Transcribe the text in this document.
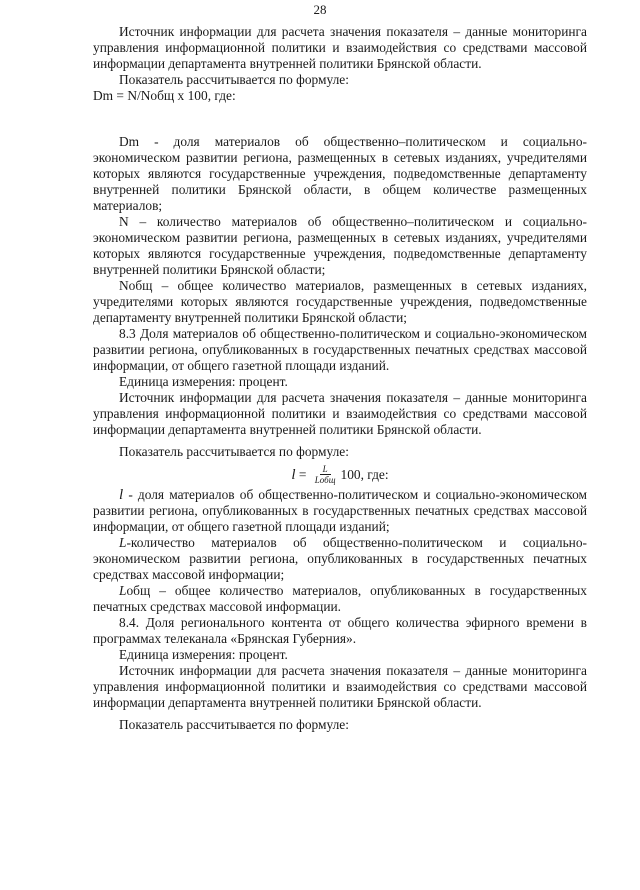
28

Источник информации для расчета значения показателя – данные мониторинга управления информационной политики и взаимодействия со средствами массовой информации департамента внутренней политики Брянской области.

Показатель рассчитывается по формуле:

Dm = N/Nобщ х 100, где:

Dm - доля материалов об общественно–политическом и социально-экономическом развитии региона, размещенных в сетевых изданиях, учредителями которых являются государственные учреждения, подведомственные департаменту внутренней политики Брянской области, в общем количестве размещенных материалов;

N – количество материалов об общественно–политическом и социально-экономическом развитии региона, размещенных в сетевых изданиях, учредителями которых являются государственные учреждения, подведомственные департаменту внутренней политики Брянской области;

Nобщ – общее количество материалов, размещенных в сетевых изданиях, учредителями которых являются государственные учреждения, подведомственные департаменту внутренней политики Брянской области;

8.3 Доля материалов об общественно-политическом и социально-экономическом развитии региона, опубликованных в государственных печатных средствах массовой информации, от общего газетной площади изданий.

Единица измерения: процент.

Источник информации для расчета значения показателя – данные мониторинга управления информационной политики и взаимодействия со средствами массовой информации департамента внутренней политики Брянской области.

Показатель рассчитывается по формуле:

$l = \frac{L}{\text{Lобщ}} 100$, где:

l - доля материалов об общественно-политическом и социально-экономическом развитии региона, опубликованных в государственных печатных средствах массовой информации, от общего газетной площади изданий;

L-количество материалов об общественно-политическом и социально-экономическом развитии региона, опубликованных в государственных печатных средствах массовой информации;

Lобщ – общее количество материалов, опубликованных в государственных печатных средствах массовой информации.

8.4. Доля регионального контента от общего количества эфирного времени в программах телеканала «Брянская Губерния».

Единица измерения: процент.

Источник информации для расчета значения показателя – данные мониторинга управления информационной политики и взаимодействия со средствами массовой информации департамента внутренней политики Брянской области.

Показатель рассчитывается по формуле:
